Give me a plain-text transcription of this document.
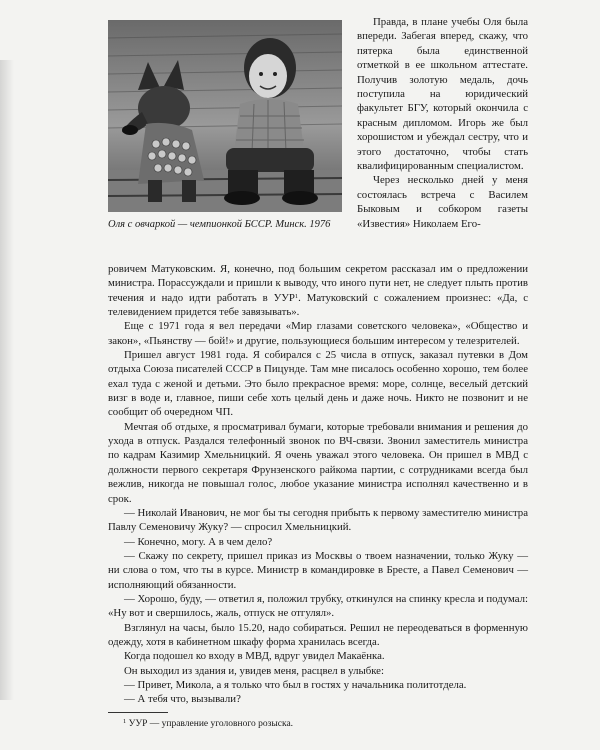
Оля с овчаркой — чемпионкой БССР. Минск. 1976

Правда, в плане учебы Оля была впереди. Забегая вперед, скажу, что пятерка была единственной отметкой в ее школьном аттестате. Получив золотую медаль, дочь поступила на юридический факультет БГУ, который окончила с красным дипломом. Игорь же был хорошистом и убеждал сестру, что и этого достаточно, чтобы стать квалифицированным специалистом.

Через несколько дней у меня состоялась встреча с Василем Быковым и собкором газеты «Известия» Николаем Его-

ровичем Матуковским. Я, конечно, под большим секретом рассказал им о предложении министра. Порассуждали и пришли к выводу, что иного пути нет, не следует плыть против течения и надо идти работать в УУР$^1$. Матуковский с сожалением произнес: «Да, с телевидением придется тебе завязывать».

Еще с 1971 года я вел передачи «Мир глазами советского человека», «Общество и закон», «Пьянству — бой!» и другие, пользующиеся большим интересом у телезрителей.

Пришел август 1981 года. Я собирался с 25 числа в отпуск, заказал путевки в Дом отдыха Союза писателей СССР в Пицунде. Там мне писалось особенно хорошо, тем более ехал туда с женой и детьми. Это было прекрасное время: море, солнце, веселый детский визг в воде и, главное, пиши себе хоть целый день и даже ночь. Никто не позвонит и не сообщит об очередном ЧП.

Мечтая об отдыхе, я просматривал бумаги, которые требовали внимания и решения до ухода в отпуск. Раздался телефонный звонок по ВЧ-связи. Звонил заместитель министра по кадрам Казимир Хмельницкий. Я очень уважал этого человека. Он пришел в МВД с должности первого секретаря Фрунзенского райкома партии, с сотрудниками всегда был вежлив, никогда не повышал голос, любое указание министра исполнял качественно и в срок.

— Николай Иванович, не мог бы ты сегодня прибыть к первому заместителю министра Павлу Семеновичу Жуку? — спросил Хмельницкий.

— Конечно, могу. А в чем дело?

— Скажу по секрету, пришел приказ из Москвы о твоем назначении, только Жуку — ни слова о том, что ты в курсе. Министр в командировке в Бресте, а Павел Семенович — исполняющий обязанности.

— Хорошо, буду, — ответил я, положил трубку, откинулся на спинку кресла и подумал: «Ну вот и свершилось, жаль, отпуск не отгулял».

Взглянул на часы, было 15.20, надо собираться. Решил не переодеваться в форменную одежду, хотя в кабинетном шкафу форма хранилась всегда.

Когда подошел ко входу в МВД, вдруг увидел Макаёнка.

Он выходил из здания и, увидев меня, расцвел в улыбке:

— Привет, Микола, а я только что был в гостях у начальника политотдела.

— А тебя что, вызывали?

$^1$ УУР — управление уголовного розыска.
